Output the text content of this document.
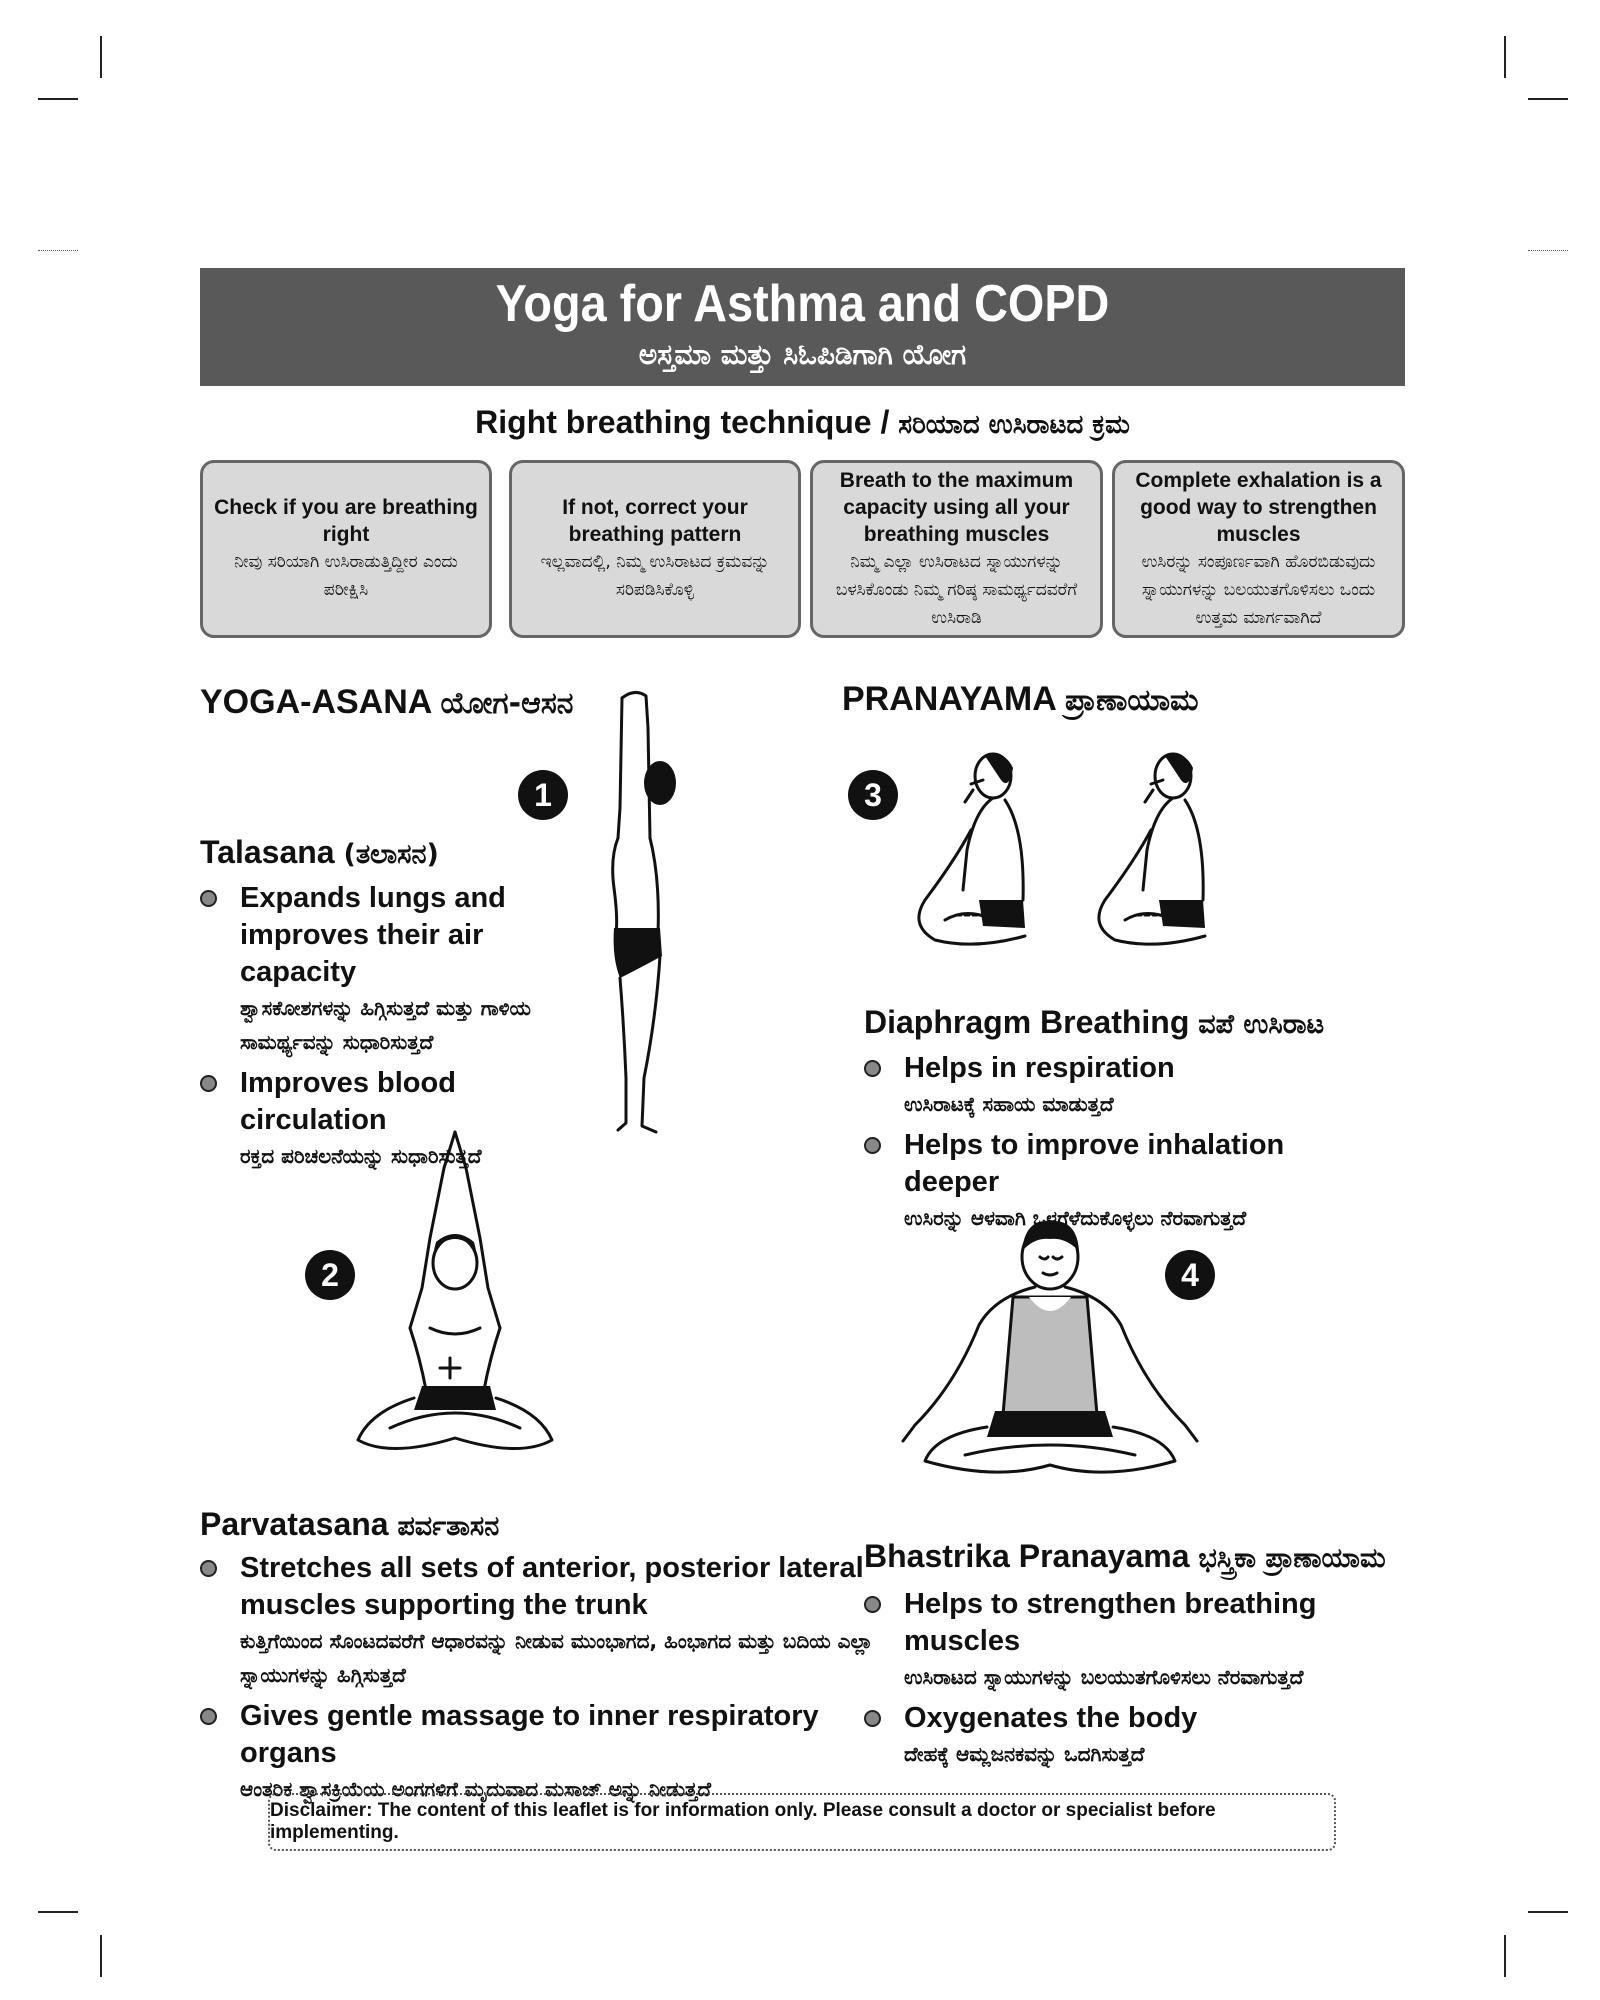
Yoga for Asthma and COPD
ಅಸ್ತಮಾ ಮತ್ತು ಸಿಓಪಿಡಿಗಾಗಿ ಯೋಗ
Right breathing technique / ಸರಿಯಾದ ಉಸಿರಾಟದ ಕ್ರಮ
Check if you are breathing right
ನೀವು ಸರಿಯಾಗಿ ಉಸಿರಾಡುತ್ತಿದ್ದೀರ ಎಂದು ಪರೀಕ್ಷಿಸಿ
If not, correct your breathing pattern
ಇಲ್ಲವಾದಲ್ಲಿ, ನಿಮ್ಮ ಉಸಿರಾಟದ ಕ್ರಮವನ್ನು ಸರಿಪಡಿಸಿಕೊಳ್ಳಿ
Breath to the maximum capacity using all your breathing muscles
ನಿಮ್ಮ ಎಲ್ಲಾ ಉಸಿರಾಟದ ಸ್ನಾಯುಗಳನ್ನು ಬಳಸಿಕೊಂಡು ನಿಮ್ಮ ಗರಿಷ್ಠ ಸಾಮರ್ಥ್ಯದವರೆಗೆ ಉಸಿರಾಡಿ
Complete exhalation is a good way to strengthen muscles
ಉಸಿರನ್ನು ಸಂಪೂರ್ಣವಾಗಿ ಹೊರಬಿಡುವುದು ಸ್ನಾಯುಗಳನ್ನು ಬಲಯುತಗೊಳಿಸಲು ಒಂದು ಉತ್ತಮ ಮಾರ್ಗವಾಗಿದೆ
YOGA-ASANA ಯೋಗ-ಆಸನ	PRANAYAMA ಪ್ರಾಣಾಯಾಮ
1
2
3
4
Talasana (ತಲಾಸನ)
Expands lungs and improves their air capacity
ಶ್ವಾಸಕೋಶಗಳನ್ನು ಹಿಗ್ಗಿಸುತ್ತದೆ ಮತ್ತು ಗಾಳಿಯ ಸಾಮರ್ಥ್ಯವನ್ನು ಸುಧಾರಿಸುತ್ತದೆ
Improves blood circulation
ರಕ್ತದ ಪರಿಚಲನೆಯನ್ನು ಸುಧಾರಿಸುತ್ತದೆ
Parvatasana ಪರ್ವತಾಸನ
Stretches all sets of anterior, posterior lateral muscles supporting the trunk
ಕುತ್ತಿಗೆಯಿಂದ ಸೊಂಟದವರೆಗೆ ಆಧಾರವನ್ನು ನೀಡುವ ಮುಂಭಾಗದ, ಹಿಂಭಾಗದ ಮತ್ತು ಬದಿಯ ಎಲ್ಲಾ ಸ್ನಾಯುಗಳನ್ನು ಹಿಗ್ಗಿಸುತ್ತದೆ
Gives gentle massage to inner respiratory organs
ಆಂತರಿಕ ಶ್ವಾಸಕ್ರಿಯೆಯ ಅಂಗಗಳಿಗೆ ಮೃದುವಾದ ಮಸಾಜ್ ಅನ್ನು ನೀಡುತ್ತದೆ
Diaphragm Breathing ವಪೆ ಉಸಿರಾಟ
Helps in respiration
ಉಸಿರಾಟಕ್ಕೆ ಸಹಾಯ ಮಾಡುತ್ತದೆ
Helps to improve inhalation deeper
ಉಸಿರನ್ನು ಆಳವಾಗಿ ಒಳಗೆಳೆದುಕೊಳ್ಳಲು ನೆರವಾಗುತ್ತದೆ
Bhastrika Pranayama ಭಸ್ತ್ರಿಕಾ ಪ್ರಾಣಾಯಾಮ
Helps to strengthen breathing muscles
ಉಸಿರಾಟದ ಸ್ನಾಯುಗಳನ್ನು ಬಲಯುತಗೊಳಿಸಲು ನೆರವಾಗುತ್ತದೆ
Oxygenates the body
ದೇಹಕ್ಕೆ ಆಮ್ಲಜನಕವನ್ನು ಒದಗಿಸುತ್ತದೆ
Disclaimer: The content of this leaflet is for information only. Please consult a doctor or specialist before implementing.
